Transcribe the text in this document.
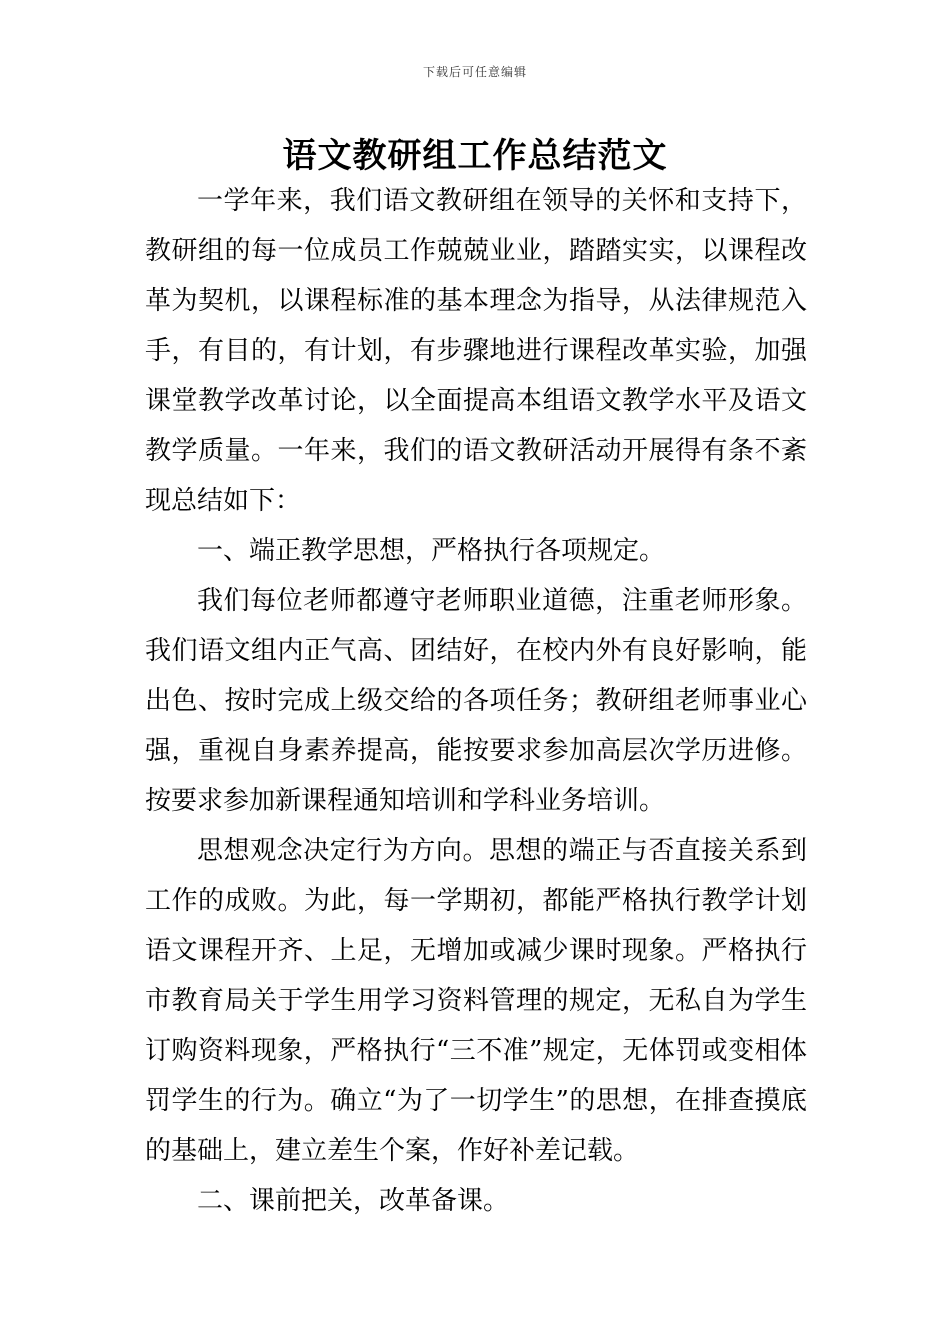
下载后可任意编辑
语文教研组工作总结范文

一学年来，我们语文教研组在领导的关怀和支持下，教研组的每一位成员工作兢兢业业，踏踏实实，以课程改革为契机，以课程标准的基本理念为指导，从法律规范入手，有目的，有计划，有步骤地进行课程改革实验，加强课堂教学改革讨论，以全面提高本组语文教学水平及语文教学质量。一年来，我们的语文教研活动开展得有条不紊现总结如下：

一、端正教学思想，严格执行各项规定。

我们每位老师都遵守老师职业道德，注重老师形象。我们语文组内正气高、团结好，在校内外有良好影响，能出色、按时完成上级交给的各项任务；教研组老师事业心强，重视自身素养提高，能按要求参加高层次学历进修。按要求参加新课程通知培训和学科业务培训。

思想观念决定行为方向。思想的端正与否直接关系到工作的成败。为此，每一学期初，都能严格执行教学计划语文课程开齐、上足，无增加或减少课时现象。严格执行市教育局关于学生用学习资料管理的规定，无私自为学生订购资料现象，严格执行“三不准”规定，无体罚或变相体罚学生的行为。确立“为了一切学生”的思想，在排查摸底的基础上，建立差生个案，作好补差记载。

二、课前把关，改革备课。
